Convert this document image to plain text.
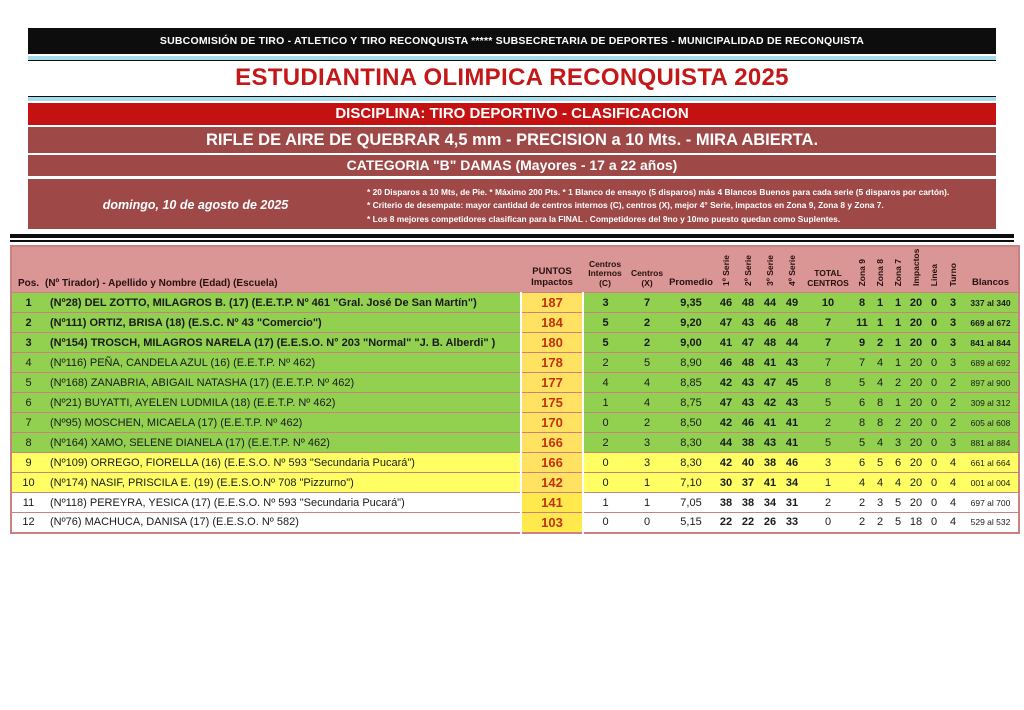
SUBCOMISIÓN DE TIRO - ATLETICO Y TIRO RECONQUISTA ***** SUBSECRETARIA DE DEPORTES - MUNICIPALIDAD DE RECONQUISTA
ESTUDIANTINA OLIMPICA RECONQUISTA 2025
DISCIPLINA: TIRO DEPORTIVO - CLASIFICACION
RIFLE DE AIRE DE QUEBRAR 4,5 mm - PRECISION a 10 Mts. - MIRA ABIERTA.
CATEGORIA "B" DAMAS (Mayores - 17 a 22 años)
domingo, 10 de agosto de 2025
* 20 Disparos a 10 Mts, de Pie. * Máximo 200 Pts. * 1 Blanco de ensayo (5 disparos) más 4 Blancos Buenos para cada serie (5 disparos por cartón).
* Criterio de desempate: mayor cantidad de centros internos (C), centros (X), mejor 4° Serie, impactos en Zona 9, Zona 8 y Zona 7.
* Los 8 mejores competidores clasifican para la FINAL . Competidores del 9no y 10mo puesto quedan como Suplentes.
Pos.	(Nº Tirador) - Apellido y Nombre (Edad) (Escuela)	PUNTOS
Impactos	Centros
Internos
(C)	Centros
(X)	Promedio	1º Serie	2º Serie	3º Serie	4º Serie	TOTAL
CENTROS	Zona 9	Zona 8	Zona 7	Impactos	Linea	Turno	Blancos

1	(Nº28) DEL ZOTTO, MILAGROS B. (17) (E.E.T.P. Nº 461 "Gral. José De San Martín")	187	3	7	9,35	46	48	44	49	10	8	1	1	20	0	3	337 al 340
2	(Nº111) ORTIZ, BRISA (18) (E.S.C. Nº 43 "Comercio")	184	5	2	9,20	47	43	46	48	7	11	1	1	20	0	3	669 al 672
3	(Nº154) TROSCH, MILAGROS NARELA (17) (E.E.S.O. N° 203 "Normal" "J. B. Alberdi" )	180	5	2	9,00	41	47	48	44	7	9	2	1	20	0	3	841 al 844
4	(Nº116) PEÑA, CANDELA AZUL (16) (E.E.T.P. Nº 462)	178	2	5	8,90	46	48	41	43	7	7	4	1	20	0	3	689 al 692
5	(Nº168) ZANABRIA, ABIGAIL NATASHA (17) (E.E.T.P. Nº 462)	177	4	4	8,85	42	43	47	45	8	5	4	2	20	0	2	897 al 900
6	(Nº21) BUYATTI, AYELEN LUDMILA (18) (E.E.T.P. Nº 462)	175	1	4	8,75	47	43	42	43	5	6	8	1	20	0	2	309 al 312
7	(Nº95) MOSCHEN, MICAELA (17) (E.E.T.P. Nº 462)	170	0	2	8,50	42	46	41	41	2	8	8	2	20	0	2	605 al 608
8	(Nº164) XAMO, SELENE DIANELA (17) (E.E.T.P. Nº 462)	166	2	3	8,30	44	38	43	41	5	5	4	3	20	0	3	881 al 884
9	(Nº109) ORREGO, FIORELLA (16) (E.E.S.O. Nº 593 "Secundaria Pucará")	166	0	3	8,30	42	40	38	46	3	6	5	6	20	0	4	661 al 664
10	(Nº174) NASIF, PRISCILA E. (19) (E.E.S.O.Nº 708 "Pizzurno")	142	0	1	7,10	30	37	41	34	1	4	4	4	20	0	4	001 al 004
11	(Nº118) PEREYRA, YESICA (17) (E.E.S.O. Nº 593 "Secundaria Pucará")	141	1	1	7,05	38	38	34	31	2	2	3	5	20	0	4	697 al 700
12	(Nº76) MACHUCA, DANISA (17) (E.E.S.O. Nº 582)	103	0	0	5,15	22	22	26	33	0	2	2	5	18	0	4	529 al 532
